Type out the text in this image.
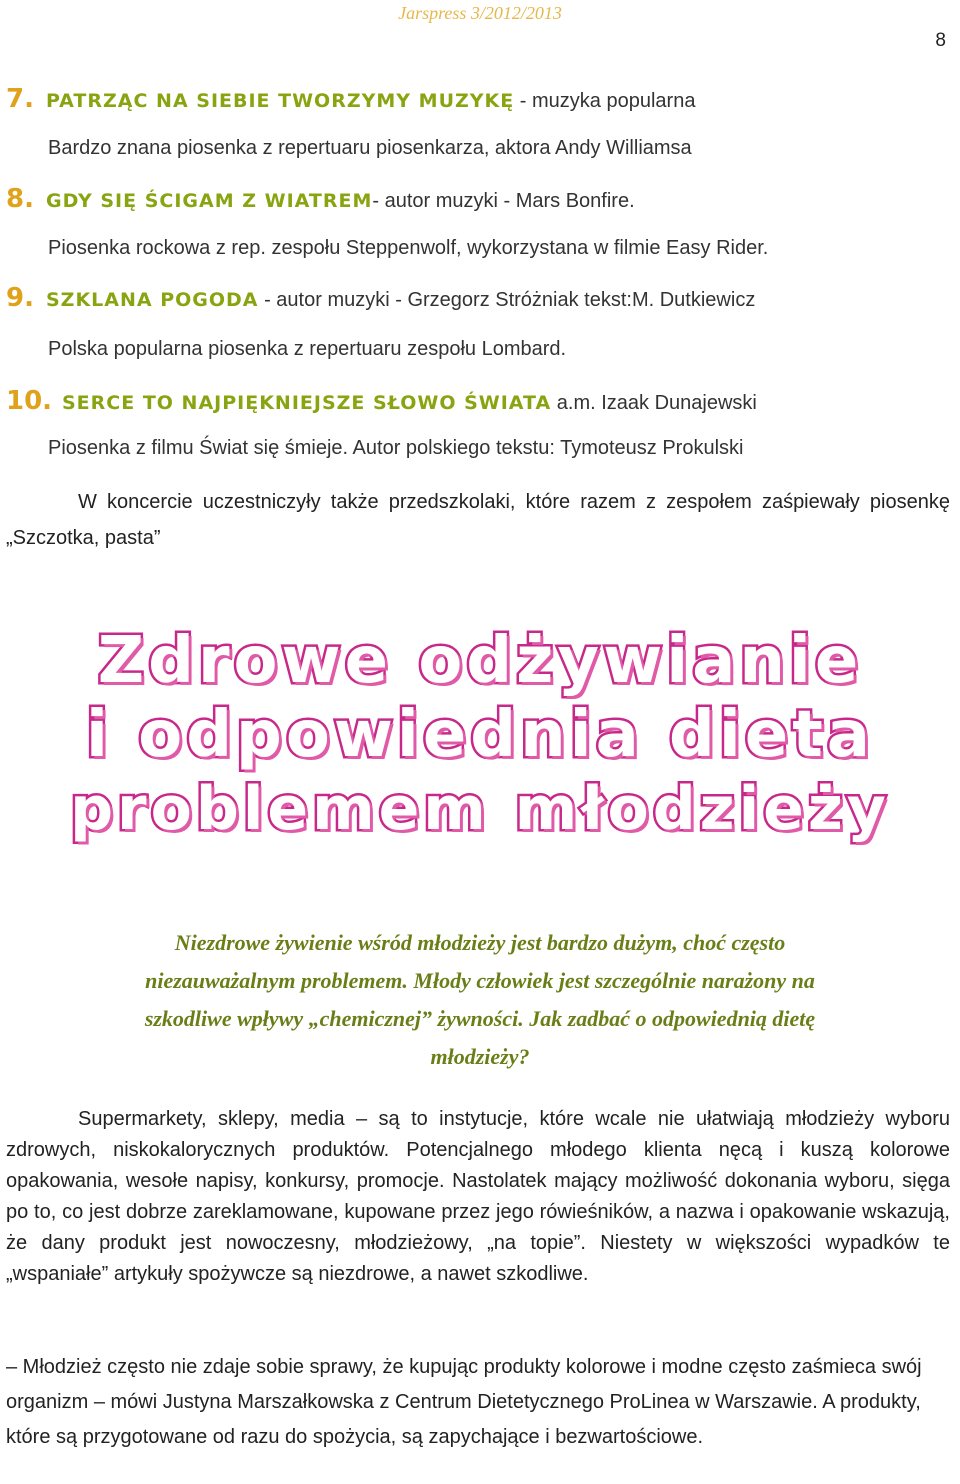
Jarspress 3/2012/2013
8
7. PATRZĄC NA SIEBIE TWORZYMY MUZYKĘ - muzyka popularna
Bardzo znana piosenka z repertuaru piosenkarza, aktora Andy Williamsa
8. GDY SIĘ ŚCIGAM Z WIATREM- autor muzyki - Mars Bonfire.
Piosenka rockowa z rep. zespołu Steppenwolf, wykorzystana w filmie Easy Rider.
9. SZKLANA POGODA - autor muzyki - Grzegorz Stróżniak tekst:M. Dutkiewicz
Polska popularna piosenka z repertuaru zespołu Lombard.
10. SERCE TO NAJPIĘKNIEJSZE SŁOWO ŚWIATA a.m. Izaak Dunajewski
Piosenka z filmu Świat się śmieje. Autor polskiego tekstu: Tymoteusz Prokulski
W koncercie uczestniczyły także przedszkolaki, które razem z zespołem zaśpiewały piosenkę „Szczotka, pasta”
Zdrowe odżywianie
i odpowiednia dieta
problemem młodzieży
Niezdrowe żywienie wśród młodzieży jest bardzo dużym, choć często
niezauważalnym problemem. Młody człowiek jest szczególnie narażony na
szkodliwe wpływy „chemicznej” żywności. Jak zadbać o odpowiednią dietę
młodzieży?
Supermarkety, sklepy, media – są to instytucje, które wcale nie ułatwiają młodzieży wyboru zdrowych, niskokalorycznych produktów. Potencjalnego młodego klienta nęcą i kuszą kolorowe opakowania, wesołe napisy, konkursy, promocje. Nastolatek mający możliwość dokonania wyboru, sięga po to, co jest dobrze zareklamowane, kupowane przez jego rówieśników, a nazwa i opakowanie wskazują, że dany produkt jest nowoczesny, młodzieżowy, „na topie”. Niestety w większości wypadków te „wspaniałe” artykuły spożywcze są niezdrowe, a nawet szkodliwe.
– Młodzież często nie zdaje sobie sprawy, że kupując produkty kolorowe i modne często zaśmieca swój organizm – mówi Justyna Marszałkowska z Centrum Dietetycznego ProLinea w Warszawie. A produkty, które są przygotowane od razu do spożycia, są zapychające i bezwartościowe.
